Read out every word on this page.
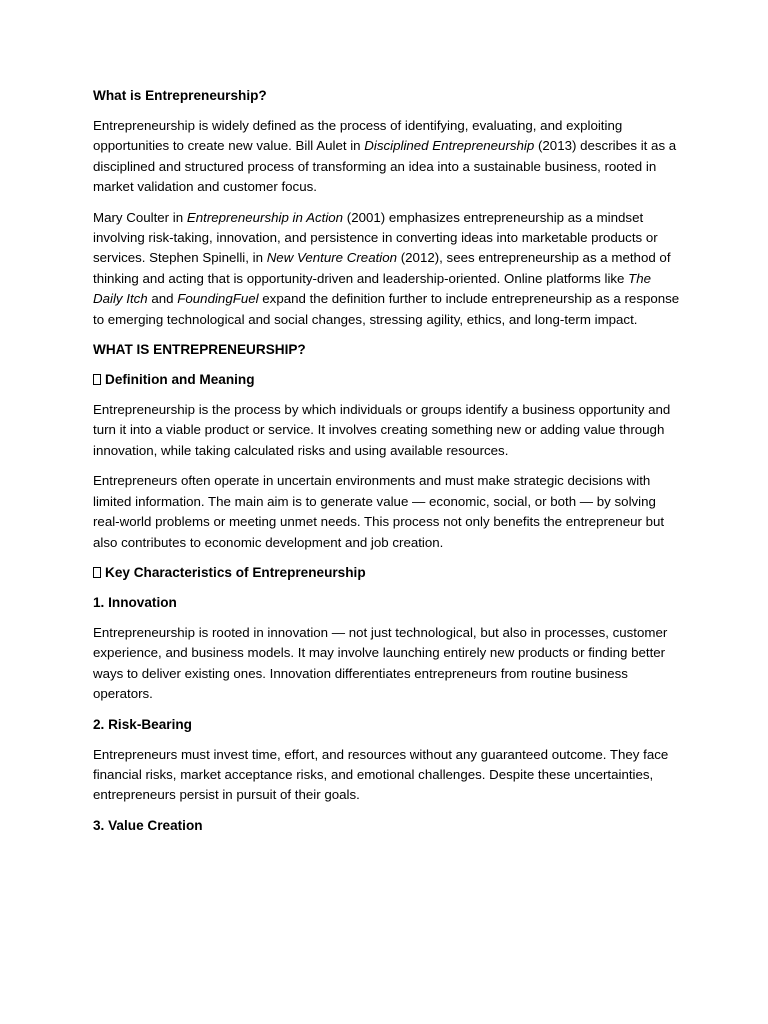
What is Entrepreneurship?

Entrepreneurship is widely defined as the process of identifying, evaluating, and exploiting opportunities to create new value. Bill Aulet in Disciplined Entrepreneurship (2013) describes it as a disciplined and structured process of transforming an idea into a sustainable business, rooted in market validation and customer focus.

Mary Coulter in Entrepreneurship in Action (2001) emphasizes entrepreneurship as a mindset involving risk-taking, innovation, and persistence in converting ideas into marketable products or services. Stephen Spinelli, in New Venture Creation (2012), sees entrepreneurship as a method of thinking and acting that is opportunity-driven and leadership-oriented. Online platforms like The Daily Itch and FoundingFuel expand the definition further to include entrepreneurship as a response to emerging technological and social changes, stressing agility, ethics, and long-term impact.

WHAT IS ENTREPRENEURSHIP?
Definition and Meaning

Entrepreneurship is the process by which individuals or groups identify a business opportunity and turn it into a viable product or service. It involves creating something new or adding value through innovation, while taking calculated risks and using available resources.

Entrepreneurs often operate in uncertain environments and must make strategic decisions with limited information. The main aim is to generate value — economic, social, or both — by solving real-world problems or meeting unmet needs. This process not only benefits the entrepreneur but also contributes to economic development and job creation.

Key Characteristics of Entrepreneurship
1. Innovation

Entrepreneurship is rooted in innovation — not just technological, but also in processes, customer experience, and business models. It may involve launching entirely new products or finding better ways to deliver existing ones. Innovation differentiates entrepreneurs from routine business operators.

2. Risk-Bearing

Entrepreneurs must invest time, effort, and resources without any guaranteed outcome. They face financial risks, market acceptance risks, and emotional challenges. Despite these uncertainties, entrepreneurs persist in pursuit of their goals.

3. Value Creation
